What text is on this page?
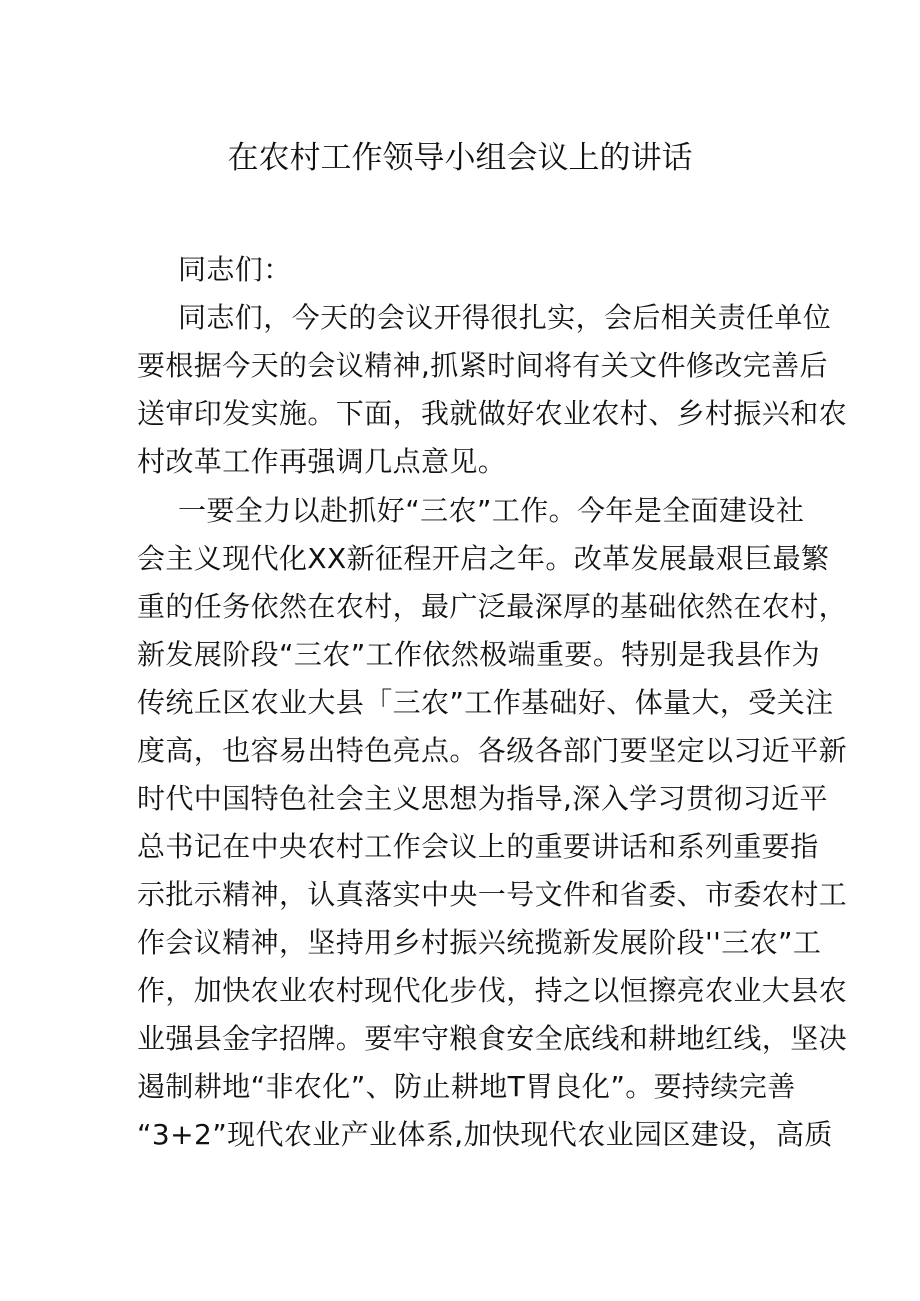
在农村工作领导小组会议上的讲话
同志们：
同志们，今天的会议开得很扎实，会后相关责任单位
要根据今天的会议精神,抓紧时间将有关文件修改完善后
送审印发实施。下面，我就做好农业农村、乡村振兴和农
村改革工作再强调几点意见。
一要全力以赴抓好“三农”工作。今年是全面建设社
会主义现代化XX新征程开启之年。改革发展最艰巨最繁
重的任务依然在农村，最广泛最深厚的基础依然在农村，
新发展阶段“三农”工作依然极端重要。特别是我县作为
传统丘区农业大县「三农”工作基础好、体量大，受关注
度高，也容易出特色亮点。各级各部门要坚定以习近平新
时代中国特色社会主义思想为指导,深入学习贯彻习近平
总书记在中央农村工作会议上的重要讲话和系列重要指
示批示精神，认真落实中央一号文件和省委、市委农村工
作会议精神，坚持用乡村振兴统揽新发展阶段''三农”工
作，加快农业农村现代化步伐，持之以恒擦亮农业大县农
业强县金字招牌。要牢守粮食安全底线和耕地红线，坚决
遏制耕地“非农化”、防止耕地T胃良化”。要持续完善
“3+2”现代农业产业体系,加快现代农业园区建设，高质
